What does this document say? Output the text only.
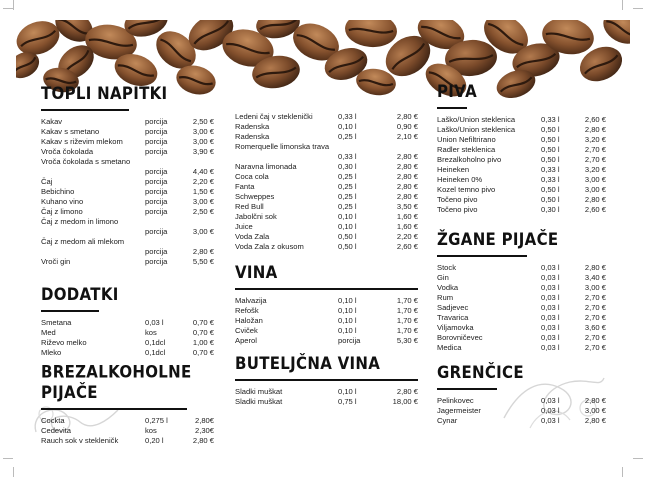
TOPLI NAPITKI
Kakav	porcija	2,50 €
Kakav s smetano	porcija	3,00 €
Kakav s riževim mlekom	porcija	3,00 €
Vroča čokolada	porcija	3,90 €
Vroča čokolada s smetano
porcija	4,40 €
Čaj	porcija	2,20 €
Bebichino	porcija	1,50 €
Kuhano vino	porcija	3,00 €
Čaj z limono	porcija	2,50 €
Čaj z medom in limono
porcija	3,00 €
Čaj z medom ali mlekom
porcija	2,80 €
Vroči gin	porcija	5,50 €
DODATKI
Smetana	0,03 l	0,70 €
Med	kos	0,70 €
Riževo melko	0,1dcl	1,00 €
Mleko	0,1dcl	0,70 €
BREZALKOHOLNE PIJAČE
Cockta	0,275 l	2,80€
Cedevita	kos	2,30€
Rauch sok v stekleničk	0,20 l	2,80 €
Ledeni čaj v steklenički	0,33 l	2,80 €
Radenska	0,10 l	0,90 €
Radenska	0,25 l	2,10 €
Romerquelle limonska trava
0,33 l	2,80 €
Naravna limonada	0,30 l	2,80 €
Coca cola	0,25 l	2,80 €
Fanta	0,25 l	2,80 €
Schweppes	0,25 l	2,80 €
Red Bull	0,25 l	3,50 €
Jabolčni sok	0,10 l	1,60 €
Juice	0,10 l	1,60 €
Voda Zala	0,50 l	2,20 €
Voda Zala z okusom	0,50 l	2,60 €
VINA
Malvazija	0,10 l	1,70 €
Refošk	0,10 l	1,70 €
Haložan	0,10 l	1,70 €
Cviček	0,10 l	1,70 €
Aperol	porcija	5,30 €
BUTELJČNA VINA
Sladki muškat	0,10 l	2,80 €
Sladki muškat	0,75 l	18,00 €
PIVA
Laško/Union steklenica	0,33 l	2,60 €
Laško/Union steklenica	0,50 l	2,80 €
Union Nefiltrirano	0,50 l	3,20 €
Radler steklenica	0,50 l	2,70 €
Brezalkoholno pivo	0,50 l	2,70 €
Heineken	0,33 l	3,20 €
Heineken 0%	0,33 l	3,00 €
Kozel temno pivo	0,50 l	3,00 €
Točeno pivo	0,50 l	2,80 €
Točeno pivo	0,30 l	2,60 €
ŽGANE PIJAČE
Stock	0,03 l	2,80 €
Gin	0,03 l	3,40 €
Vodka	0,03 l	3,00 €
Rum	0,03 l	2,70 €
Sadjevec	0,03 l	2,70 €
Travarica	0,03 l	2,70 €
Viljamovka	0,03 l	3,60 €
Borovničevec	0,03 l	2,70 €
Medica	0,03 l	2,70 €
GRENČICE
Pelinkovec	0,03 l	2,80 €
Jagermeister	0,03 l	3,00 €
Cynar	0,03 l	2,80 €
